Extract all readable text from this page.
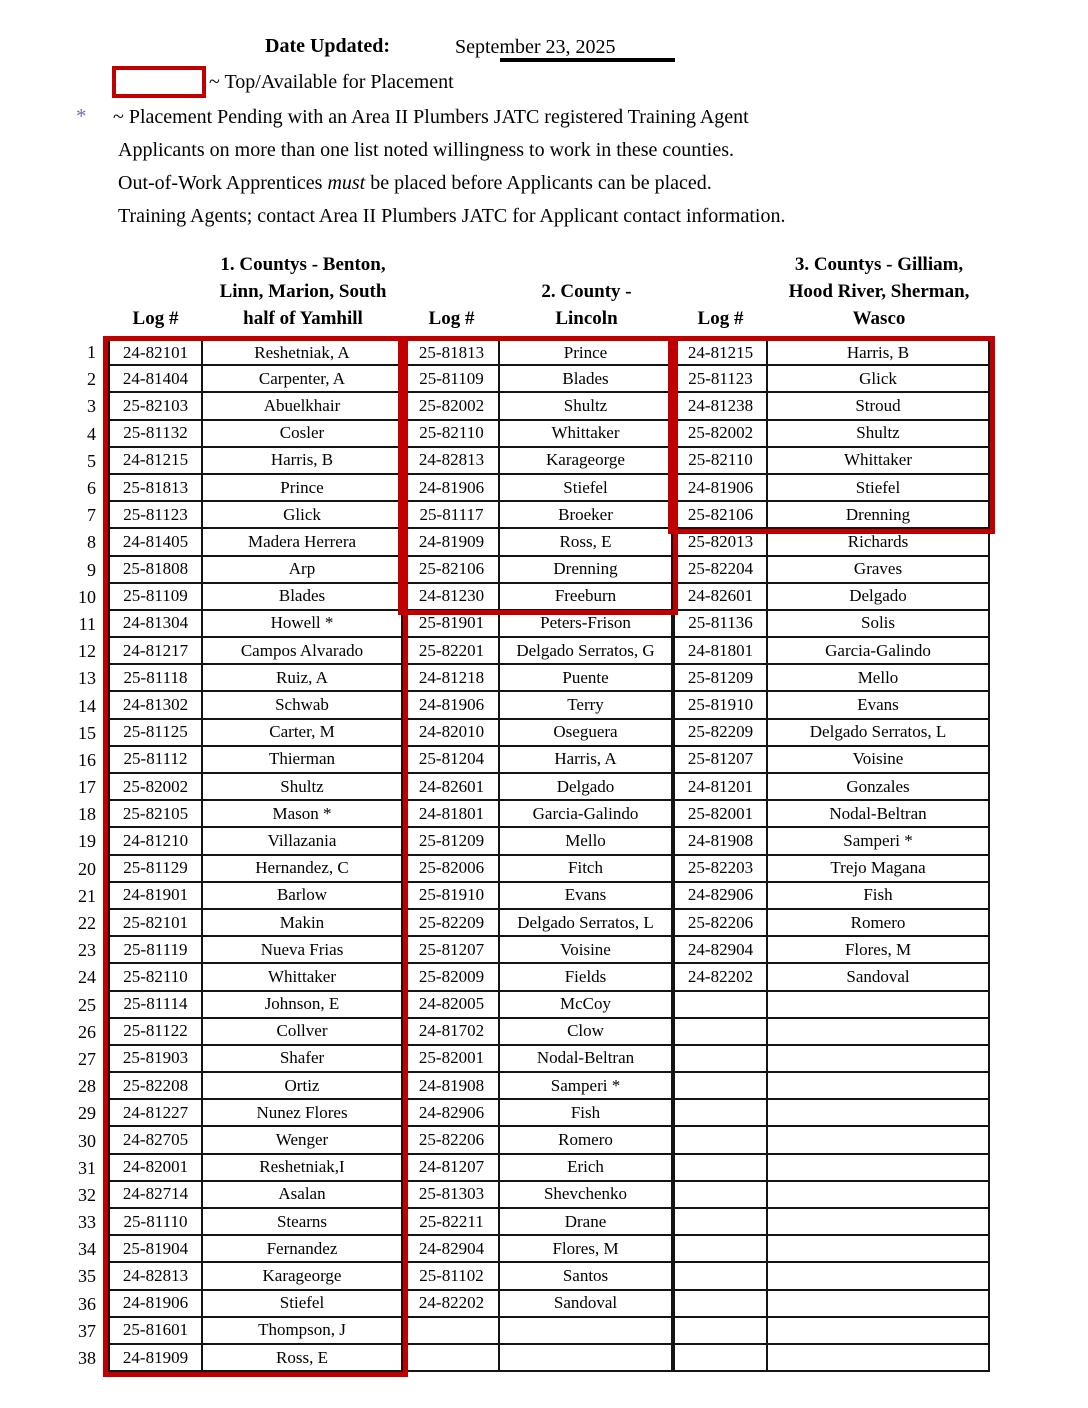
Date Updated:	September 23, 2025
~ Top/Available for Placement
* ~ Placement Pending with an Area II Plumbers JATC registered Training Agent
Applicants on more than one list noted willingness to work in these counties.
Out-of-Work Apprentices must be placed before Applicants can be placed.
Training Agents; contact Area II Plumbers JATC for Applicant contact information.
Log #
1. Countys - Benton,
Linn, Marion, South
half of Yamhill	Log #
2. County -
Lincoln	Log #
3. Countys - Gilliam,
Hood River, Sherman,
Wasco
1	24-82101	Reshetniak, A	25-81813	Prince	24-81215	Harris, B
2	24-81404	Carpenter, A	25-81109	Blades	25-81123	Glick
3	25-82103	Abuelkhair	25-82002	Shultz	24-81238	Stroud
4	25-81132	Cosler	25-82110	Whittaker	25-82002	Shultz
5	24-81215	Harris, B	24-82813	Karageorge	25-82110	Whittaker
6	25-81813	Prince	24-81906	Stiefel	24-81906	Stiefel
7	25-81123	Glick	25-81117	Broeker	25-82106	Drenning
8	24-81405	Madera Herrera	24-81909	Ross, E	25-82013	Richards
9	25-81808	Arp	25-82106	Drenning	25-82204	Graves
10	25-81109	Blades	24-81230	Freeburn	24-82601	Delgado
11	24-81304	Howell *	25-81901	Peters-Frison	25-81136	Solis
12	24-81217	Campos Alvarado	25-82201	Delgado Serratos, G	24-81801	Garcia-Galindo
13	25-81118	Ruiz, A	24-81218	Puente	25-81209	Mello
14	24-81302	Schwab	24-81906	Terry	25-81910	Evans
15	25-81125	Carter, M	24-82010	Oseguera	25-82209	Delgado Serratos, L
16	25-81112	Thierman	25-81204	Harris, A	25-81207	Voisine
17	25-82002	Shultz	24-82601	Delgado	24-81201	Gonzales
18	25-82105	Mason *	24-81801	Garcia-Galindo	25-82001	Nodal-Beltran
19	24-81210	Villazania	25-81209	Mello	24-81908	Samperi *
20	25-81129	Hernandez, C	25-82006	Fitch	25-82203	Trejo Magana
21	24-81901	Barlow	25-81910	Evans	24-82906	Fish
22	25-82101	Makin	25-82209	Delgado Serratos, L	25-82206	Romero
23	25-81119	Nueva Frias	25-81207	Voisine	24-82904	Flores, M
24	25-82110	Whittaker	25-82009	Fields	24-82202	Sandoval
25	25-81114	Johnson, E	24-82005	McCoy
26	25-81122	Collver	24-81702	Clow
27	25-81903	Shafer	25-82001	Nodal-Beltran
28	25-82208	Ortiz	24-81908	Samperi *
29	24-81227	Nunez Flores	24-82906	Fish
30	24-82705	Wenger	25-82206	Romero
31	24-82001	Reshetniak,I	24-81207	Erich
32	24-82714	Asalan	25-81303	Shevchenko
33	25-81110	Stearns	25-82211	Drane
34	25-81904	Fernandez	24-82904	Flores, M
35	24-82813	Karageorge	25-81102	Santos
36	24-81906	Stiefel	24-82202	Sandoval
37	25-81601	Thompson, J
38	24-81909	Ross, E
